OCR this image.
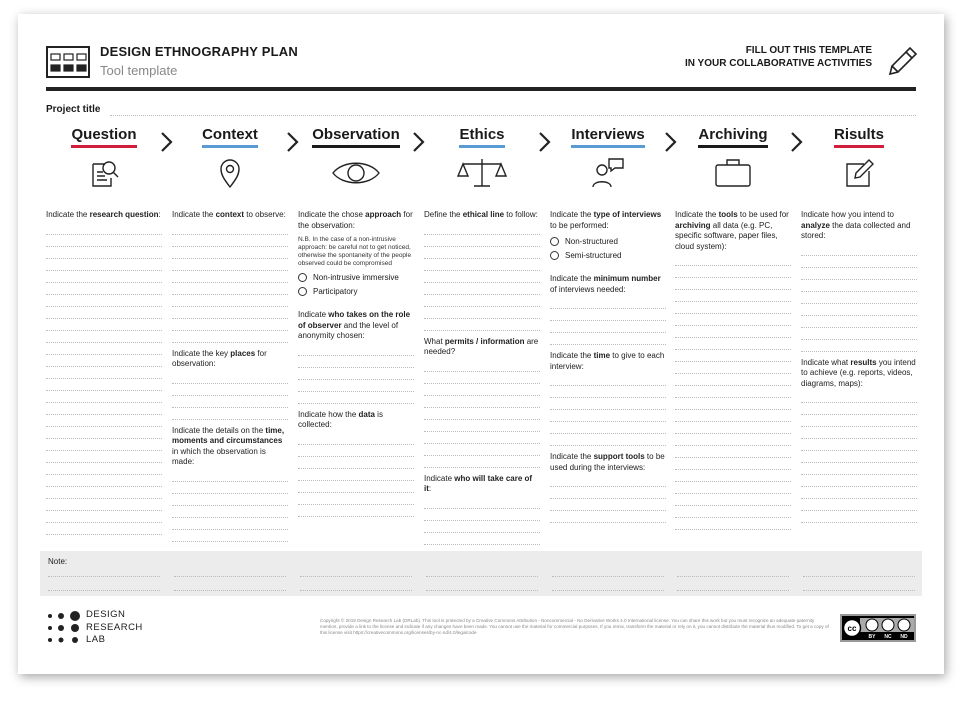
DESIGN ETHNOGRAPHY PLAN
Tool template
FILL OUT THIS TEMPLATE
IN YOUR COLLABORATIVE ACTIVITIES
Project title
Question
Indicate the research question:
Context
Indicate the context to observe:
Indicate the key places for observation:
Indicate the details on the time, moments and circumstances in which the observation is made:
Observation
Indicate the chose approach for the observation:
N.B. In the case of a non-intrusive approach: be careful not to get noticed, otherwise the spontaneity of the people observed could be compromised
Non-intrusive immersive
Participatory
Indicate who takes on the role of observer and the level of anonymity chosen:
Indicate how the data is collected:
Ethics
Define the ethical line to follow:
What permits / information are needed?
Indicate who will take care of it:
Interviews
Indicate the type of interviews to be performed:
Non-structured
Semi-structured
Indicate the minimum number of interviews needed:
Indicate the time to give to each interview:
Indicate the support tools to be used during the interviews:
Archiving
Indicate the tools to be used for archiving all data (e.g. PC, specific software, paper files, cloud system):
Risults
Indicate how you intend to analyze the data collected and stored:
Indicate what results you intend to achieve (e.g. reports, videos, diagrams, maps):
Note:
DESIGN
RESEARCH
LAB
Copyright © 2019 Design Research Lab (DRLab). This tool is protected by a Creative Commons Attribution - Noncommercial - No Derivative Works 4.0 International license. You can share this work but you must recognize an adequate paternity mention, provide a link to the license and indicate if any changes have been made. You cannot use the material for commercial purposes. If you remix, transform the material or rely on it, you cannot distribute the material thus modified. To get a copy of this license visit https://creativecommons.org/licenses/by-nc-nd/4.0/legalcode	cc
BY NC ND
